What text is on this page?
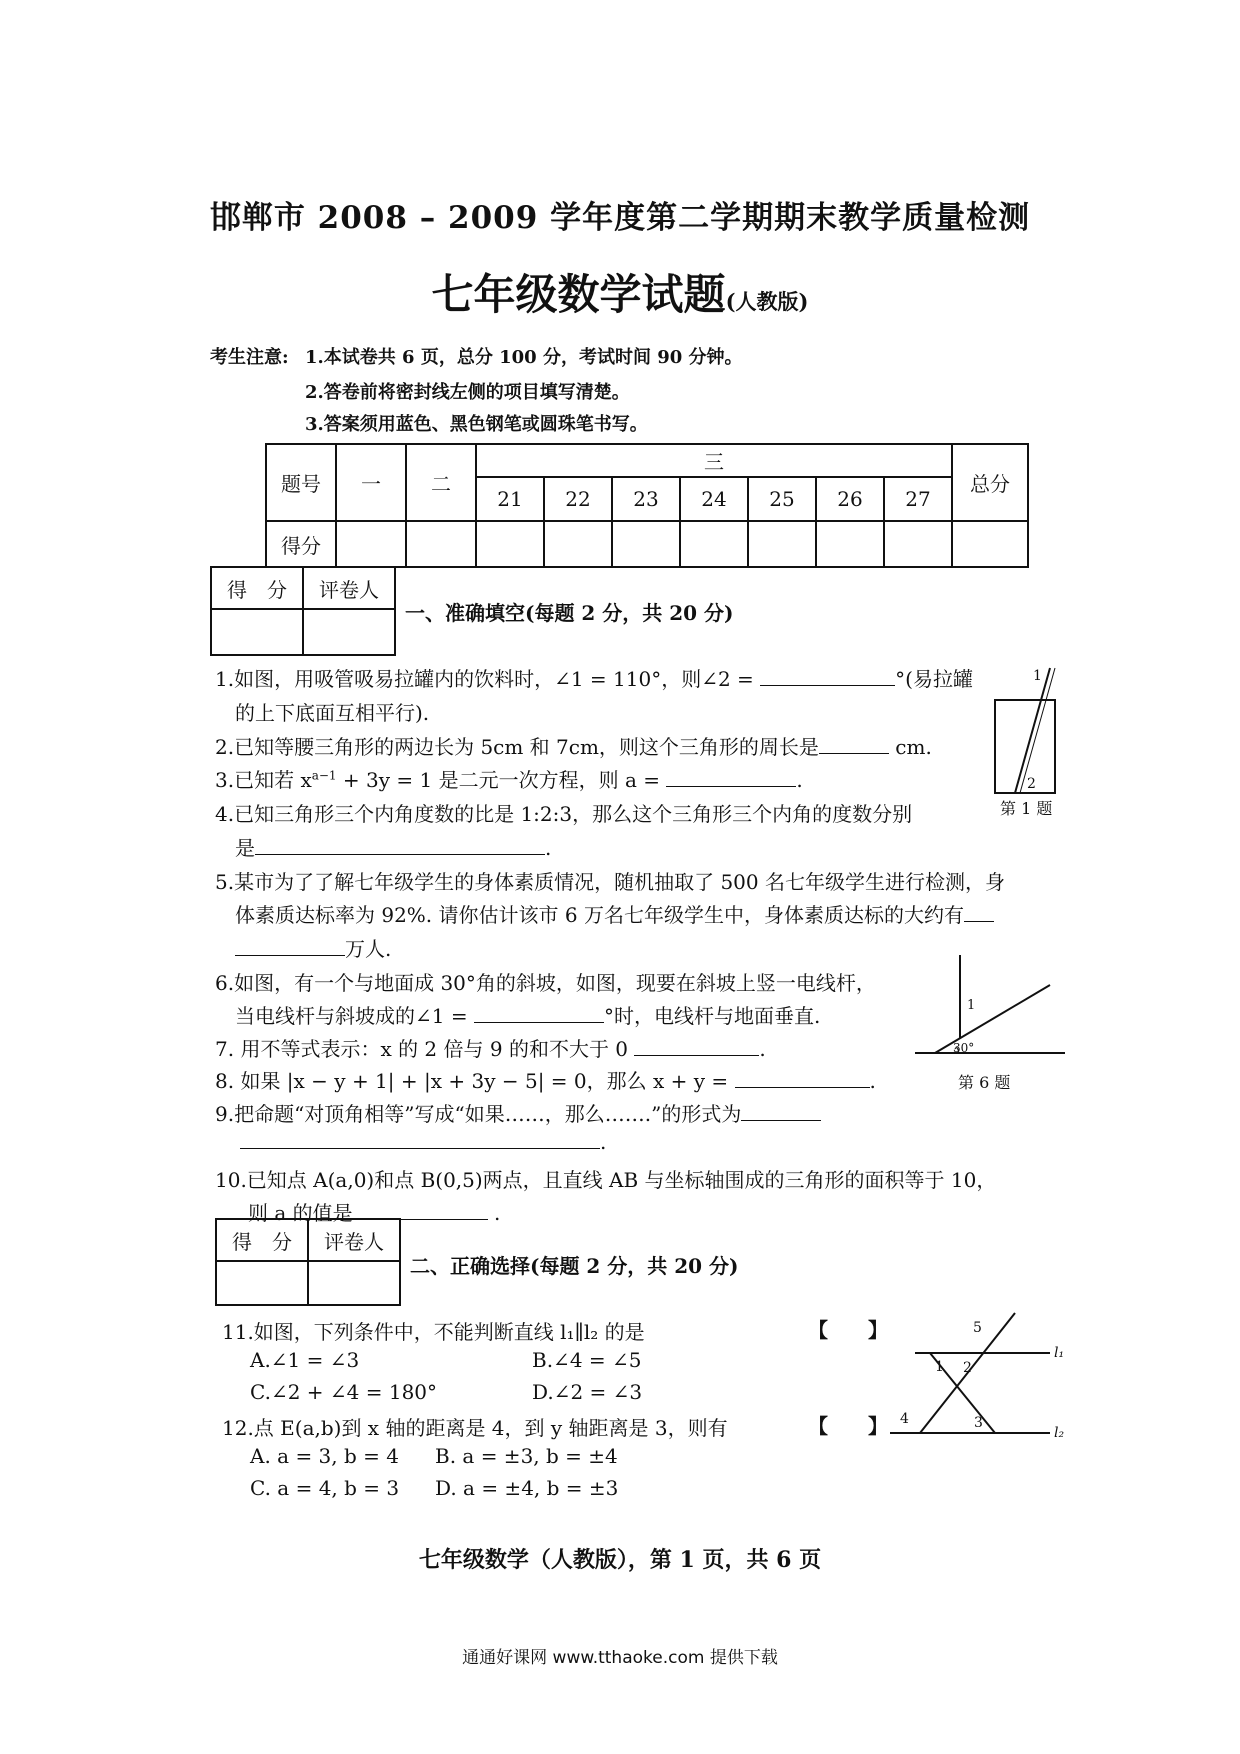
邯郸市 2008 – 2009 学年度第二学期期末教学质量检测
七年级数学试题(人教版)
考生注意: 1.本试卷共 6 页，总分 100 分，考试时间 90 分钟。
2.答卷前将密封线左侧的项目填写清楚。
3.答案须用蓝色、黑色钢笔或圆珠笔书写。
题号	一	二	三							总分
			21	22	23	24	25	26	27	
得分										
得　分	评卷人

一、准确填空(每题 2 分，共 20 分)
1.如图，用吸管吸易拉罐内的饮料时，∠1 = 110°，则∠2 =	°(易拉罐
的上下底面互相平行).
2.已知等腰三角形的两边长为 5cm 和 7cm，则这个三角形的周长是	cm.
3.已知若 $x^{a-1} + 3y = 1$ 是二元一次方程，则 a =	.
4.已知三角形三个内角度数的比是 1:2:3，那么这个三角形三个内角的度数分别
是	.
5.某市为了了解七年级学生的身体素质情况，随机抽取了 500 名七年级学生进行检测，身
体素质达标率为 92%. 请你估计该市 6 万名七年级学生中，身体素质达标的大约有
万人.
6.如图，有一个与地面成 30°角的斜坡，如图，现要在斜坡上竖一电线杆，
当电线杆与斜坡成的∠1 =	°时，电线杆与地面垂直.
7. 用不等式表示：x 的 2 倍与 9 的和不大于 0	.
8. 如果 |x − y + 1| + |x + 3y − 5| = 0，那么 x + y =	.
9.把命题“对顶角相等”写成“如果……，那么…….”的形式为
.
10.已知点 A(a,0)和点 B(0,5)两点，且直线 AB 与坐标轴围成的三角形的面积等于 10，
则 a 的值是	.
1
2
第 1 题
1
30°
第 6 题
得　分	评卷人

二、正确选择(每题 2 分，共 20 分)
11.如图，下列条件中，不能判断直线 l₁∥l₂ 的是	【　　】
A.∠1 = ∠3	B.∠4 = ∠5
C.∠2 + ∠4 = 180°	D.∠2 = ∠3
12.点 E(a,b)到 x 轴的距离是 4，到 y 轴距离是 3，则有	【　　】
A. a = 3, b = 4 B. a = ±3, b = ±4
C. a = 4, b = 3 D. a = ±4, b = ±3
5
1 2
l₁
4	3
l₂
七年级数学（人教版），第 1 页，共 6 页
通通好课网 www.tthaoke.com 提供下载
